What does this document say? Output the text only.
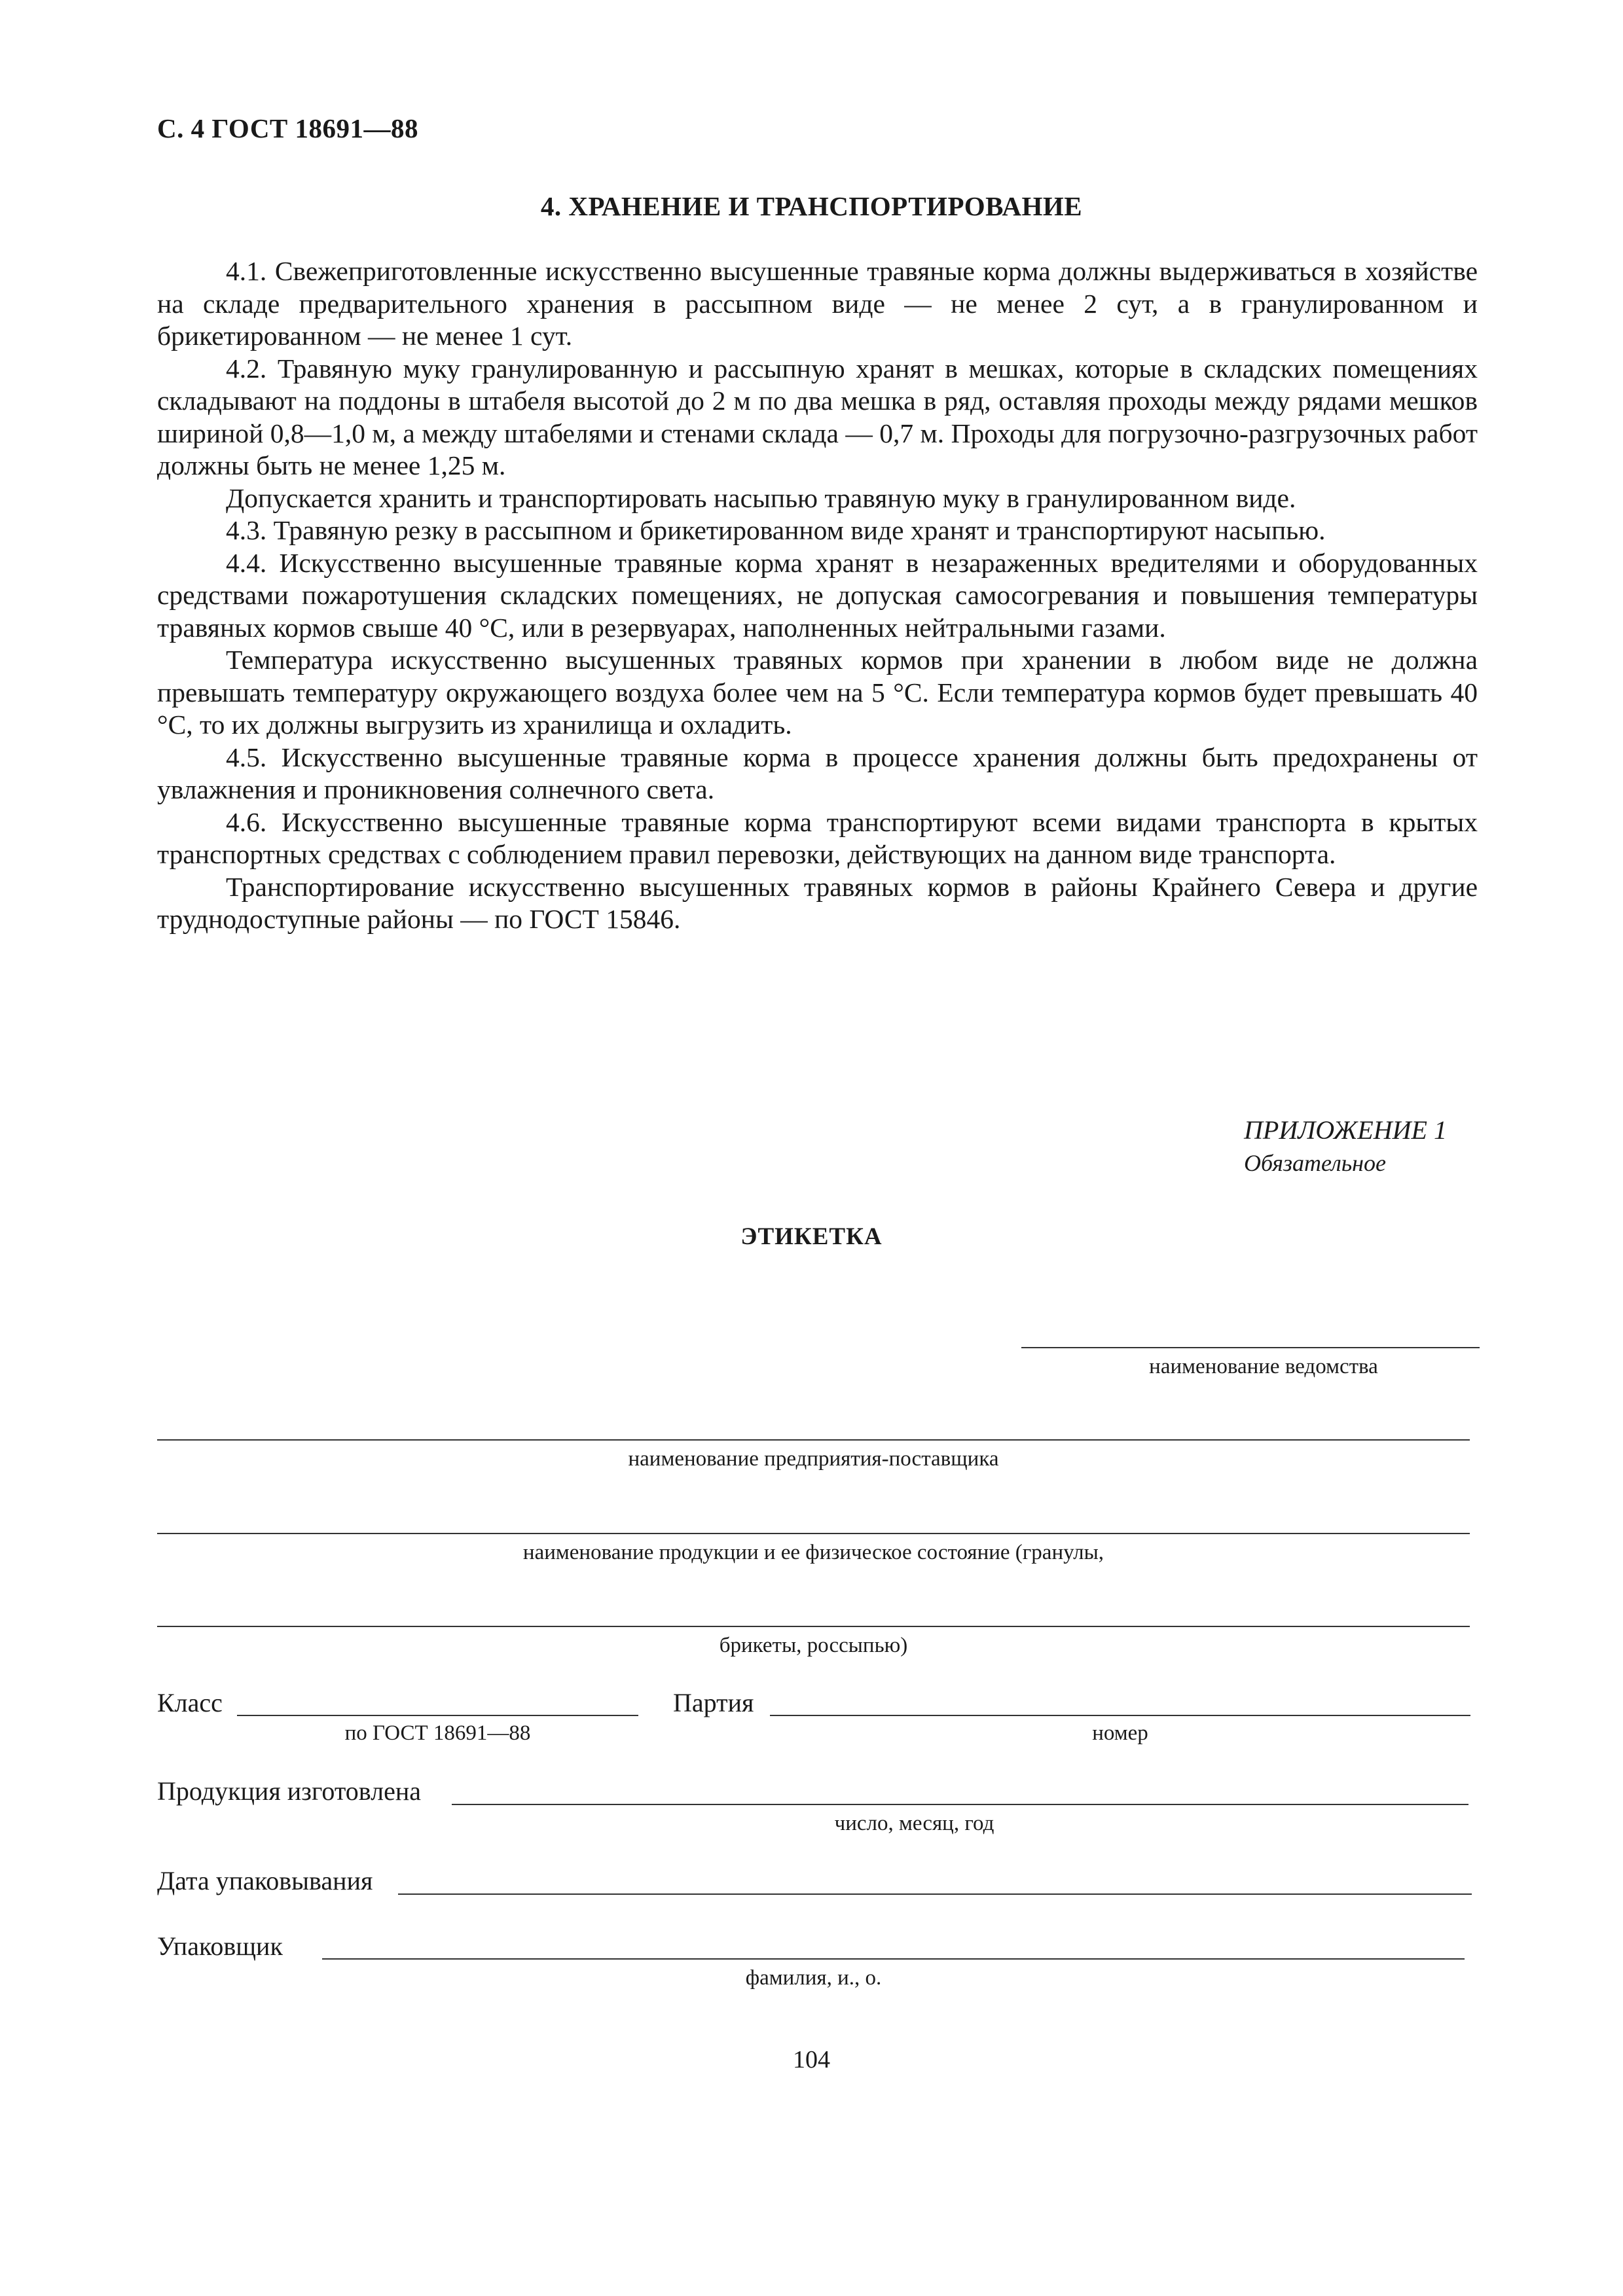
С. 4 ГОСТ 18691—88
4. ХРАНЕНИЕ И ТРАНСПОРТИРОВАНИЕ

4.1. Свежеприготовленные искусственно высушенные травяные корма должны выдерживаться в хозяйстве на складе предварительного хранения в рассыпном виде — не менее 2 сут, а в гранулированном и брикетированном — не менее 1 сут.

4.2. Травяную муку гранулированную и рассыпную хранят в мешках, которые в складских помещениях складывают на поддоны в штабеля высотой до 2 м по два мешка в ряд, оставляя проходы между рядами мешков шириной 0,8—1,0 м, а между штабелями и стенами склада — 0,7 м. Проходы для погрузочно-разгрузочных работ должны быть не менее 1,25 м.

Допускается хранить и транспортировать насыпью травяную муку в гранулированном виде.

4.3. Травяную резку в рассыпном и брикетированном виде хранят и транспортируют насыпью.

4.4. Искусственно высушенные травяные корма хранят в незараженных вредителями и оборудованных средствами пожаротушения складских помещениях, не допуская самосогревания и повышения температуры травяных кормов свыше 40 °С, или в резервуарах, наполненных нейтральными газами.

Температура искусственно высушенных травяных кормов при хранении в любом виде не должна превышать температуру окружающего воздуха более чем на 5 °С. Если температура кормов будет превышать 40 °С, то их должны выгрузить из хранилища и охладить.

4.5. Искусственно высушенные травяные корма в процессе хранения должны быть предохранены от увлажнения и проникновения солнечного света.

4.6. Искусственно высушенные травяные корма транспортируют всеми видами транспорта в крытых транспортных средствах с соблюдением правил перевозки, действующих на данном виде транспорта.

Транспортирование искусственно высушенных травяных кормов в районы Крайнего Севера и другие труднодоступные районы — по ГОСТ 15846.

ПРИЛОЖЕНИЕ 1
Обязательное
ЭТИКЕТКА
наименование ведомства
наименование предприятия-поставщика
наименование продукции и ее физическое состояние (гранулы,
брикеты, россыпью)
Класс
по ГОСТ 18691—88
Партия
номер
Продукция изготовлена
число, месяц, год
Дата упаковывания
Упаковщик
фамилия, и., о.
104
